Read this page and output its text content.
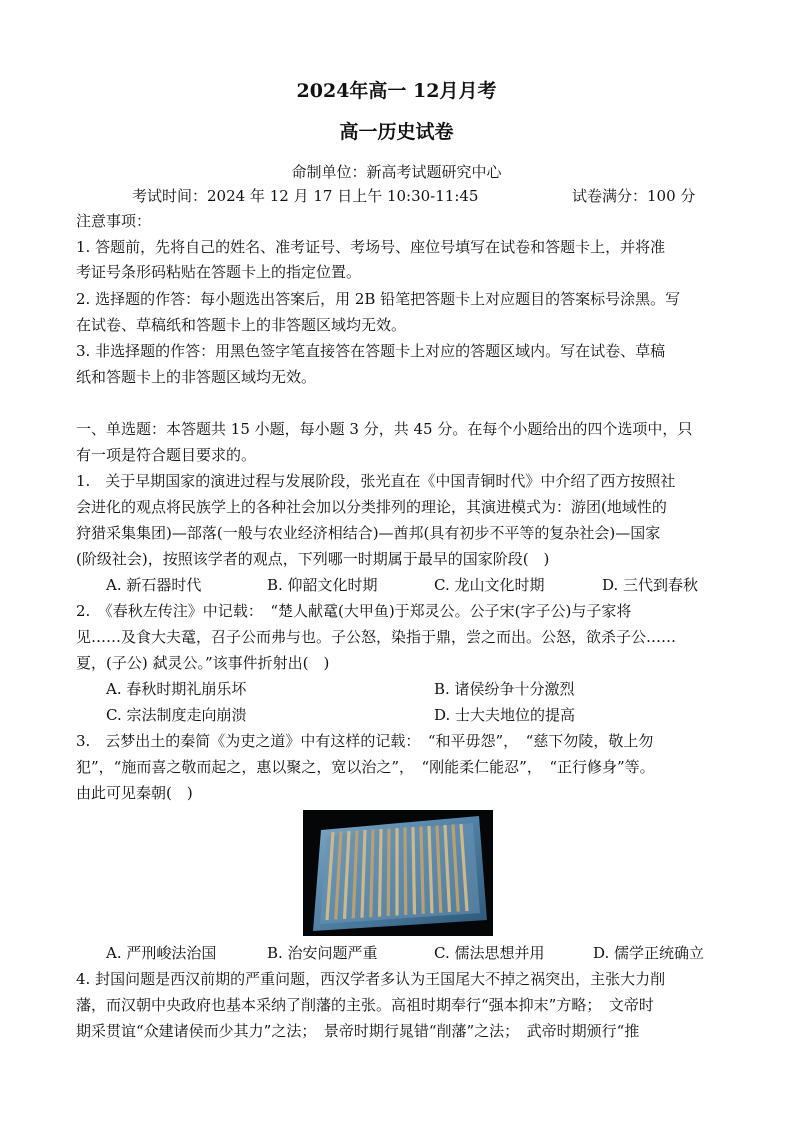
2024年高一 12月月考
高一历史试卷
命制单位：新高考试题研究中心
考试时间：2024 年 12 月 17 日上午 10:30-11:45	试卷满分：100 分
注意事项：
1. 答题前，先将自己的姓名、准考证号、考场号、座位号填写在试卷和答题卡上，并将准
考证号条形码粘贴在答题卡上的指定位置。
2. 选择题的作答：每小题选出答案后，用 2B 铅笔把答题卡上对应题目的答案标号涂黑。写
在试卷、草稿纸和答题卡上的非答题区域均无效。
3. 非选择题的作答：用黑色签字笔直接答在答题卡上对应的答题区域内。写在试卷、草稿
纸和答题卡上的非答题区域均无效。
一、单选题：本答题共 15 小题，每小题 3 分，共 45 分。在每个小题给出的四个选项中，只
有一项是符合题目要求的。
1.　关于早期国家的演进过程与发展阶段，张光直在《中国青铜时代》中介绍了西方按照社
会进化的观点将民族学上的各种社会加以分类排列的理论，其演进模式为：游团(地域性的
狩猎采集集团)—部落(一般与农业经济相结合)—酋邦(具有初步不平等的复杂社会)—国家
(阶级社会)，按照该学者的观点，下列哪一时期属于最早的国家阶段(　)
A. 新石器时代	B. 仰韶文化时期	C. 龙山文化时期	D. 三代到春秋
2.　《春秋左传注》中记载：　“楚人献鼋(大甲鱼)于郑灵公。公子宋(字子公)与子家将
见……及食大夫鼋，召子公而弗与也。子公怒，染指于鼎，尝之而出。公怒，欲杀子公……
夏，(子公) 弑灵公。”该事件折射出(　)
A. 春秋时期礼崩乐坏	B. 诸侯纷争十分激烈
C. 宗法制度走向崩溃	D. 士大夫地位的提高
3.　云梦出土的秦简《为吏之道》中有这样的记载：　“和平毋怨”，　“慈下勿陵，敬上勿
犯”，“施而喜之敬而起之，惠以聚之，宽以治之”，　“刚能柔仁能忍”，　“正行修身”等。
由此可见秦朝(　)
A. 严刑峻法治国	B. 治安问题严重	C. 儒法思想并用	D. 儒学正统确立
4. 封国问题是西汉前期的严重问题，西汉学者多认为王国尾大不掉之祸突出，主张大力削
藩，而汉朝中央政府也基本采纳了削藩的主张。高祖时期奉行“强本抑末”方略；　文帝时
期采贯谊“众建诸侯而少其力”之法；　景帝时期行晁错“削藩”之法；　武帝时期颁行“推
